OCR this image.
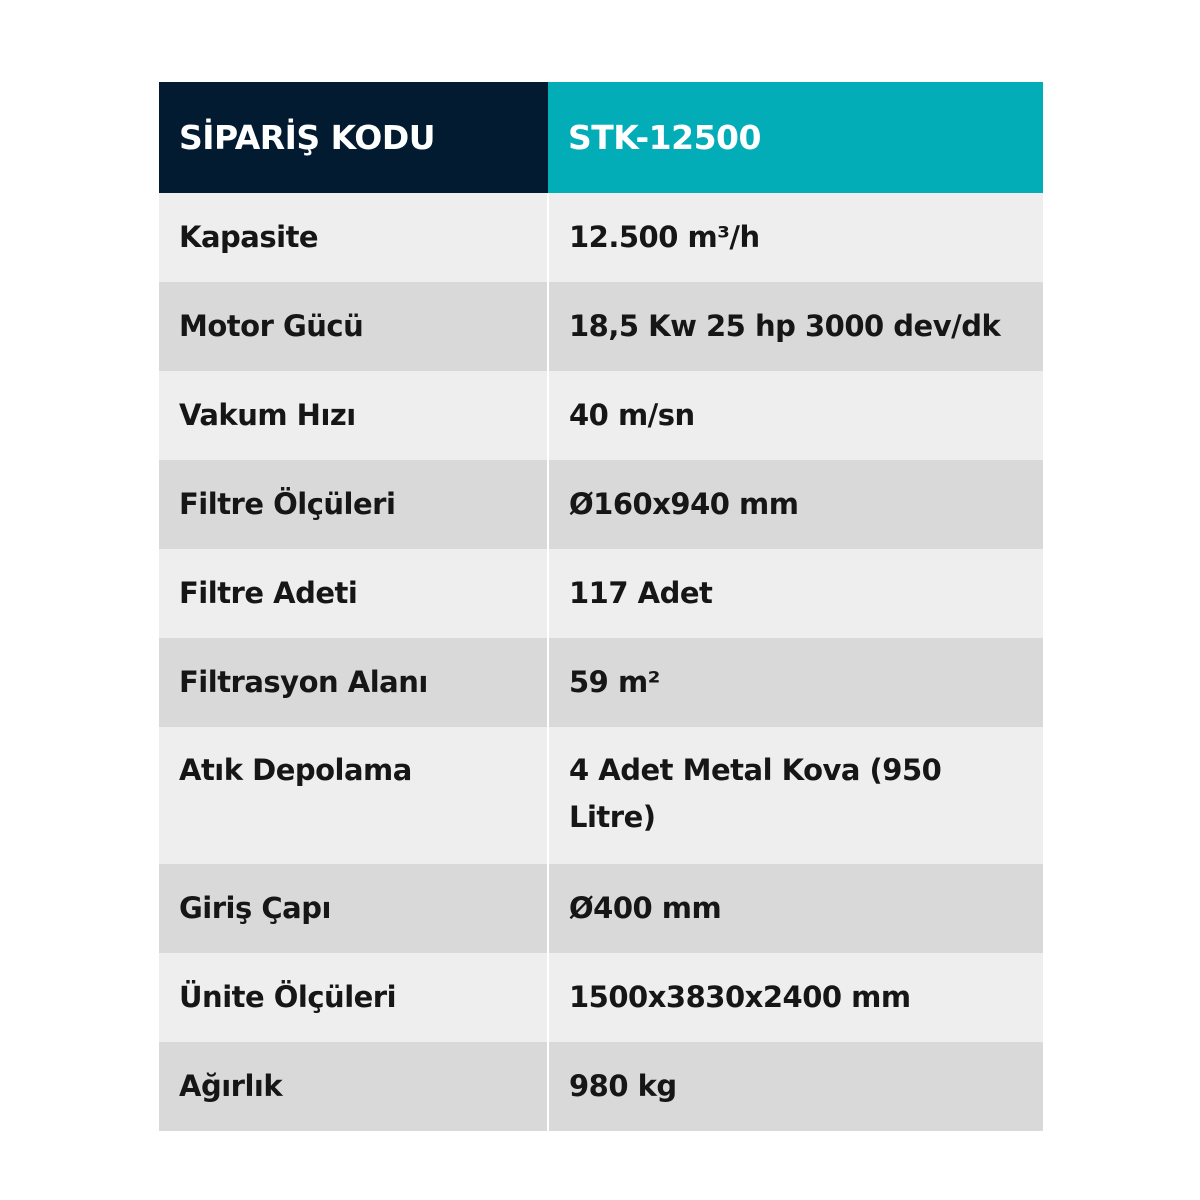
SİPARİŞ KODU	STK-12500
Kapasite	12.500 m³/h
Motor Gücü	18,5 Kw 25 hp 3000 dev/dk
Vakum Hızı	40 m/sn
Filtre Ölçüleri	Ø160x940 mm
Filtre Adeti	117 Adet
Filtrasyon Alanı	59 m²
Atık Depolama	4 Adet Metal Kova (950 Litre)
Giriş Çapı	Ø400 mm
Ünite Ölçüleri	1500x3830x2400 mm
Ağırlık	980 kg
